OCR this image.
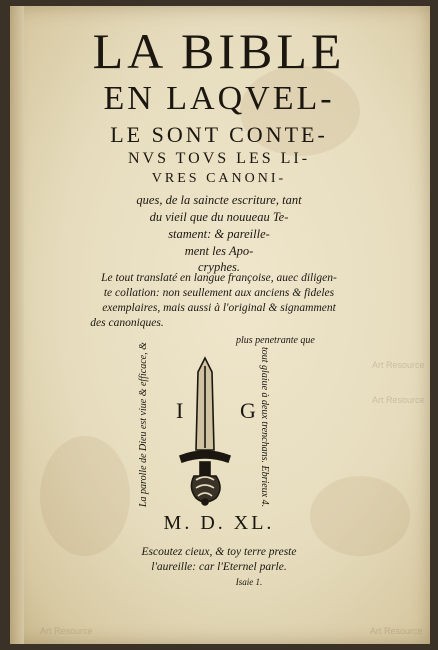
LA BIBLE
EN LAQVEL-
LE SONT CONTE-
NVS TOVS LES LI-
VRES CANONI-
ques, de la saincte escriture, tant
du vieil que du nouueau Te-
stament: & pareille-
ment les Apo-
cryphes.
Le tout translaté en langue françoise, auec diligen-
te collation: non seullement aux anciens & fideles
exemplaires, mais aussi à l'original & signamment
des canoniques.
plus penetrante que
La parolle de Dieu est viue & efficace, &	tout glaiue à deux trenchans. Ebrieux 4.
I	G
M. D. XL.
Escoutez cieux, & toy terre preste
l'aureille: car l'Eternel parle.
Isaie 1.
Art Resource
Art Resource
Art Resource	Art Resource
